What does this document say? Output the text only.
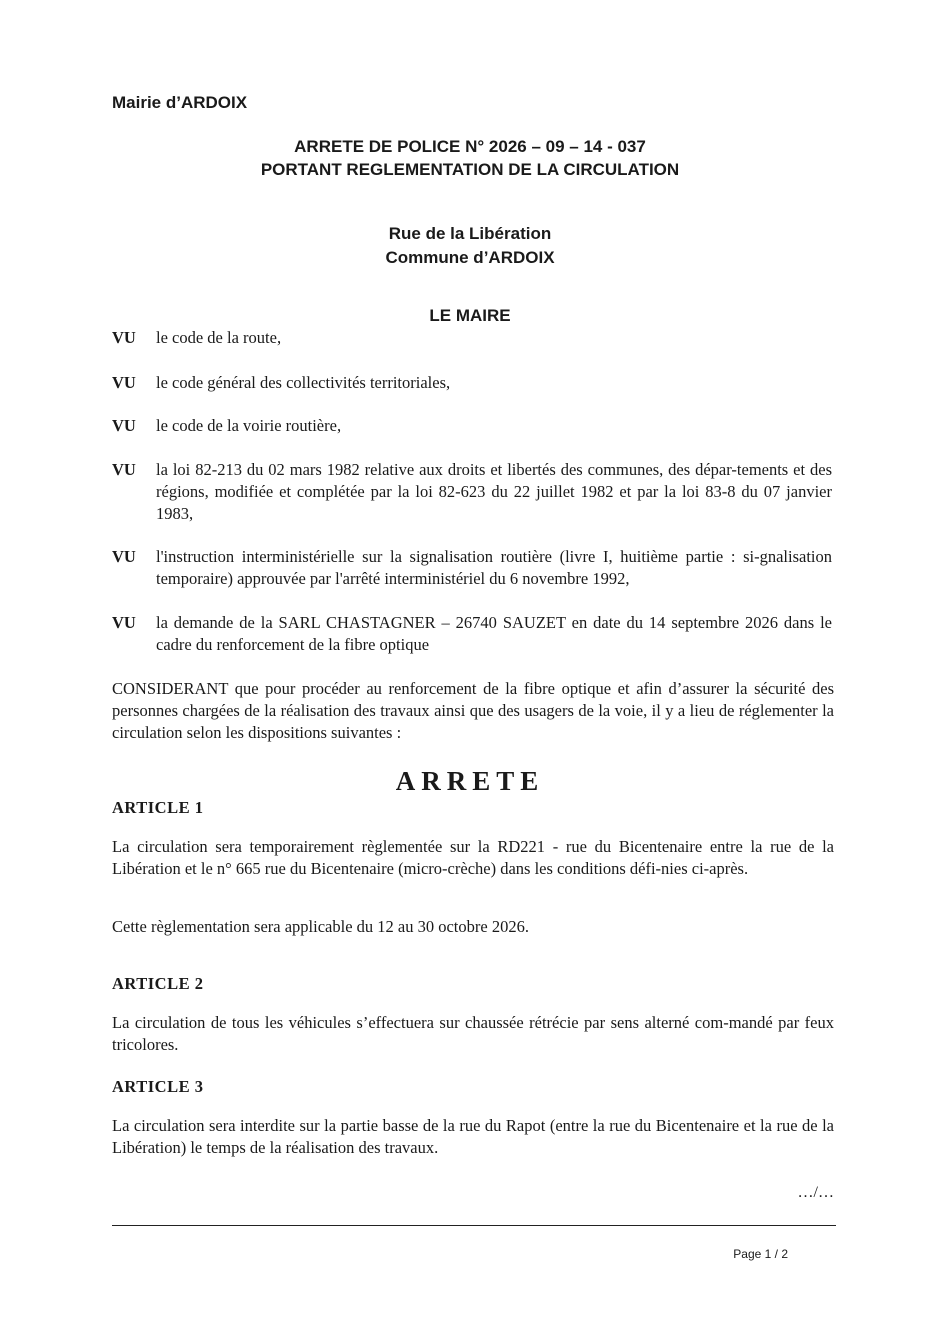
Mairie d’ARDOIX
ARRETE DE POLICE N° 2026 – 09 – 14 - 037
PORTANT REGLEMENTATION DE LA CIRCULATION
Rue de la Libération
Commune d’ARDOIX
LE MAIRE
VU le code de la route,
VU le code général des collectivités territoriales,
VU le code de la voirie routière,
VU la loi 82-213 du 02 mars 1982 relative aux droits et libertés des communes, des dépar-tements et des régions, modifiée et complétée par la loi 82-623 du 22 juillet 1982 et par la loi 83-8 du 07 janvier 1983,
VU l'instruction interministérielle sur la signalisation routière (livre I, huitième partie : si-gnalisation temporaire) approuvée par l'arrêté interministériel du 6 novembre 1992,
VU la demande de la SARL CHASTAGNER – 26740 SAUZET en date du 14 septembre 2026 dans le cadre du renforcement de la fibre optique
CONSIDERANT que pour procéder au renforcement de la fibre optique et afin d’assurer la sécurité des personnes chargées de la réalisation des travaux ainsi que des usagers de la voie, il y a lieu de réglementer la circulation selon les dispositions suivantes :
ARRETE
ARTICLE 1
La circulation sera temporairement règlementée sur la RD221 - rue du Bicentenaire entre la rue de la Libération et le n° 665 rue du Bicentenaire (micro-crèche) dans les conditions défi-nies ci-après.
Cette règlementation sera applicable du 12 au 30 octobre 2026.
ARTICLE 2
La circulation de tous les véhicules s’effectuera sur chaussée rétrécie par sens alterné com-mandé par feux tricolores.
ARTICLE 3
La circulation sera interdite sur la partie basse de la rue du Rapot (entre la rue du Bicentenaire et la rue de la Libération) le temps de la réalisation des travaux.
…/…
Page 1 / 2
